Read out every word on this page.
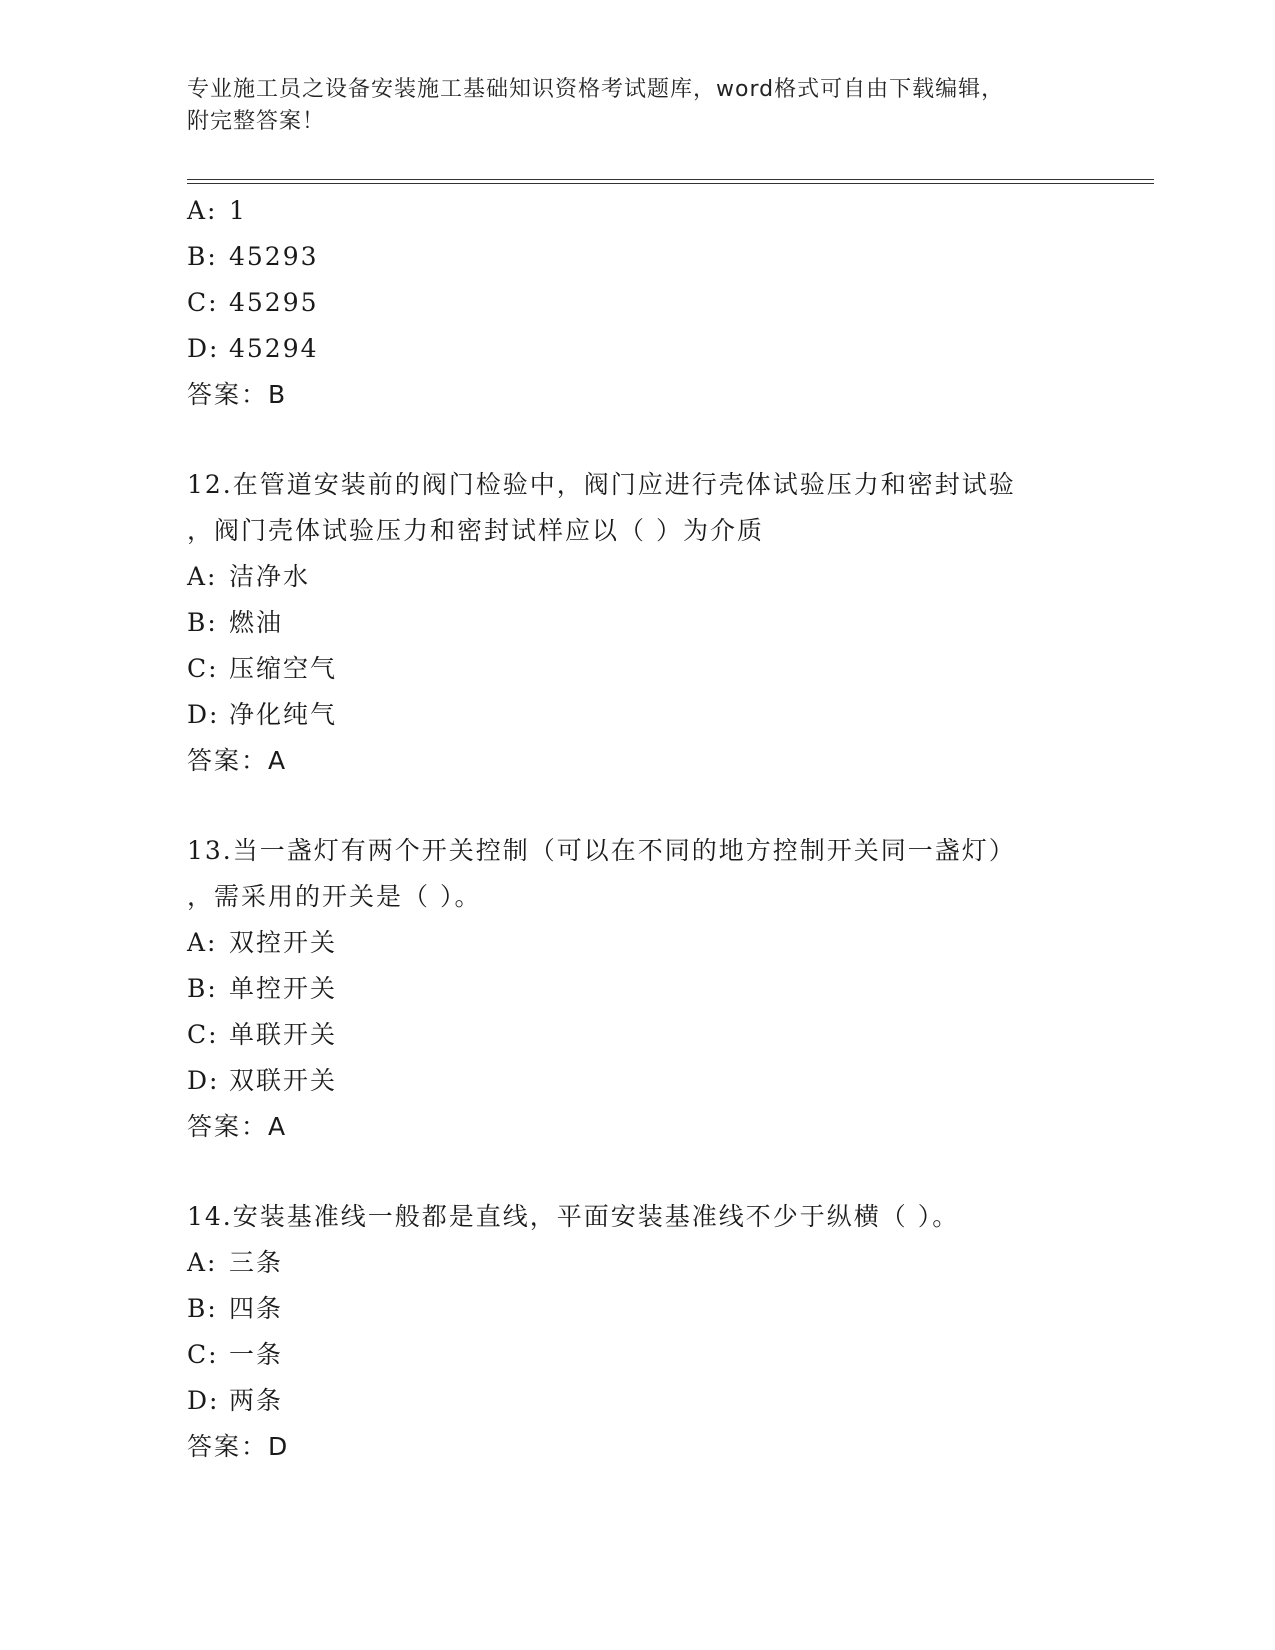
专业施工员之设备安装施工基础知识资格考试题库，word格式可自由下载编辑，
附完整答案！
A: 1
B: 45293
C: 45295
D: 45294
答案：B
12.在管道安装前的阀门检验中，阀门应进行壳体试验压力和密封试验
，阀门壳体试验压力和密封试样应以（ ）为介质
A: 洁净水
B: 燃油
C: 压缩空气
D: 净化纯气
答案：A
13.当一盏灯有两个开关控制（可以在不同的地方控制开关同一盏灯）
，需采用的开关是（ ）。
A: 双控开关
B: 单控开关
C: 单联开关
D: 双联开关
答案：A
14.安装基准线一般都是直线，平面安装基准线不少于纵横（ ）。
A: 三条
B: 四条
C: 一条
D: 两条
答案：D
